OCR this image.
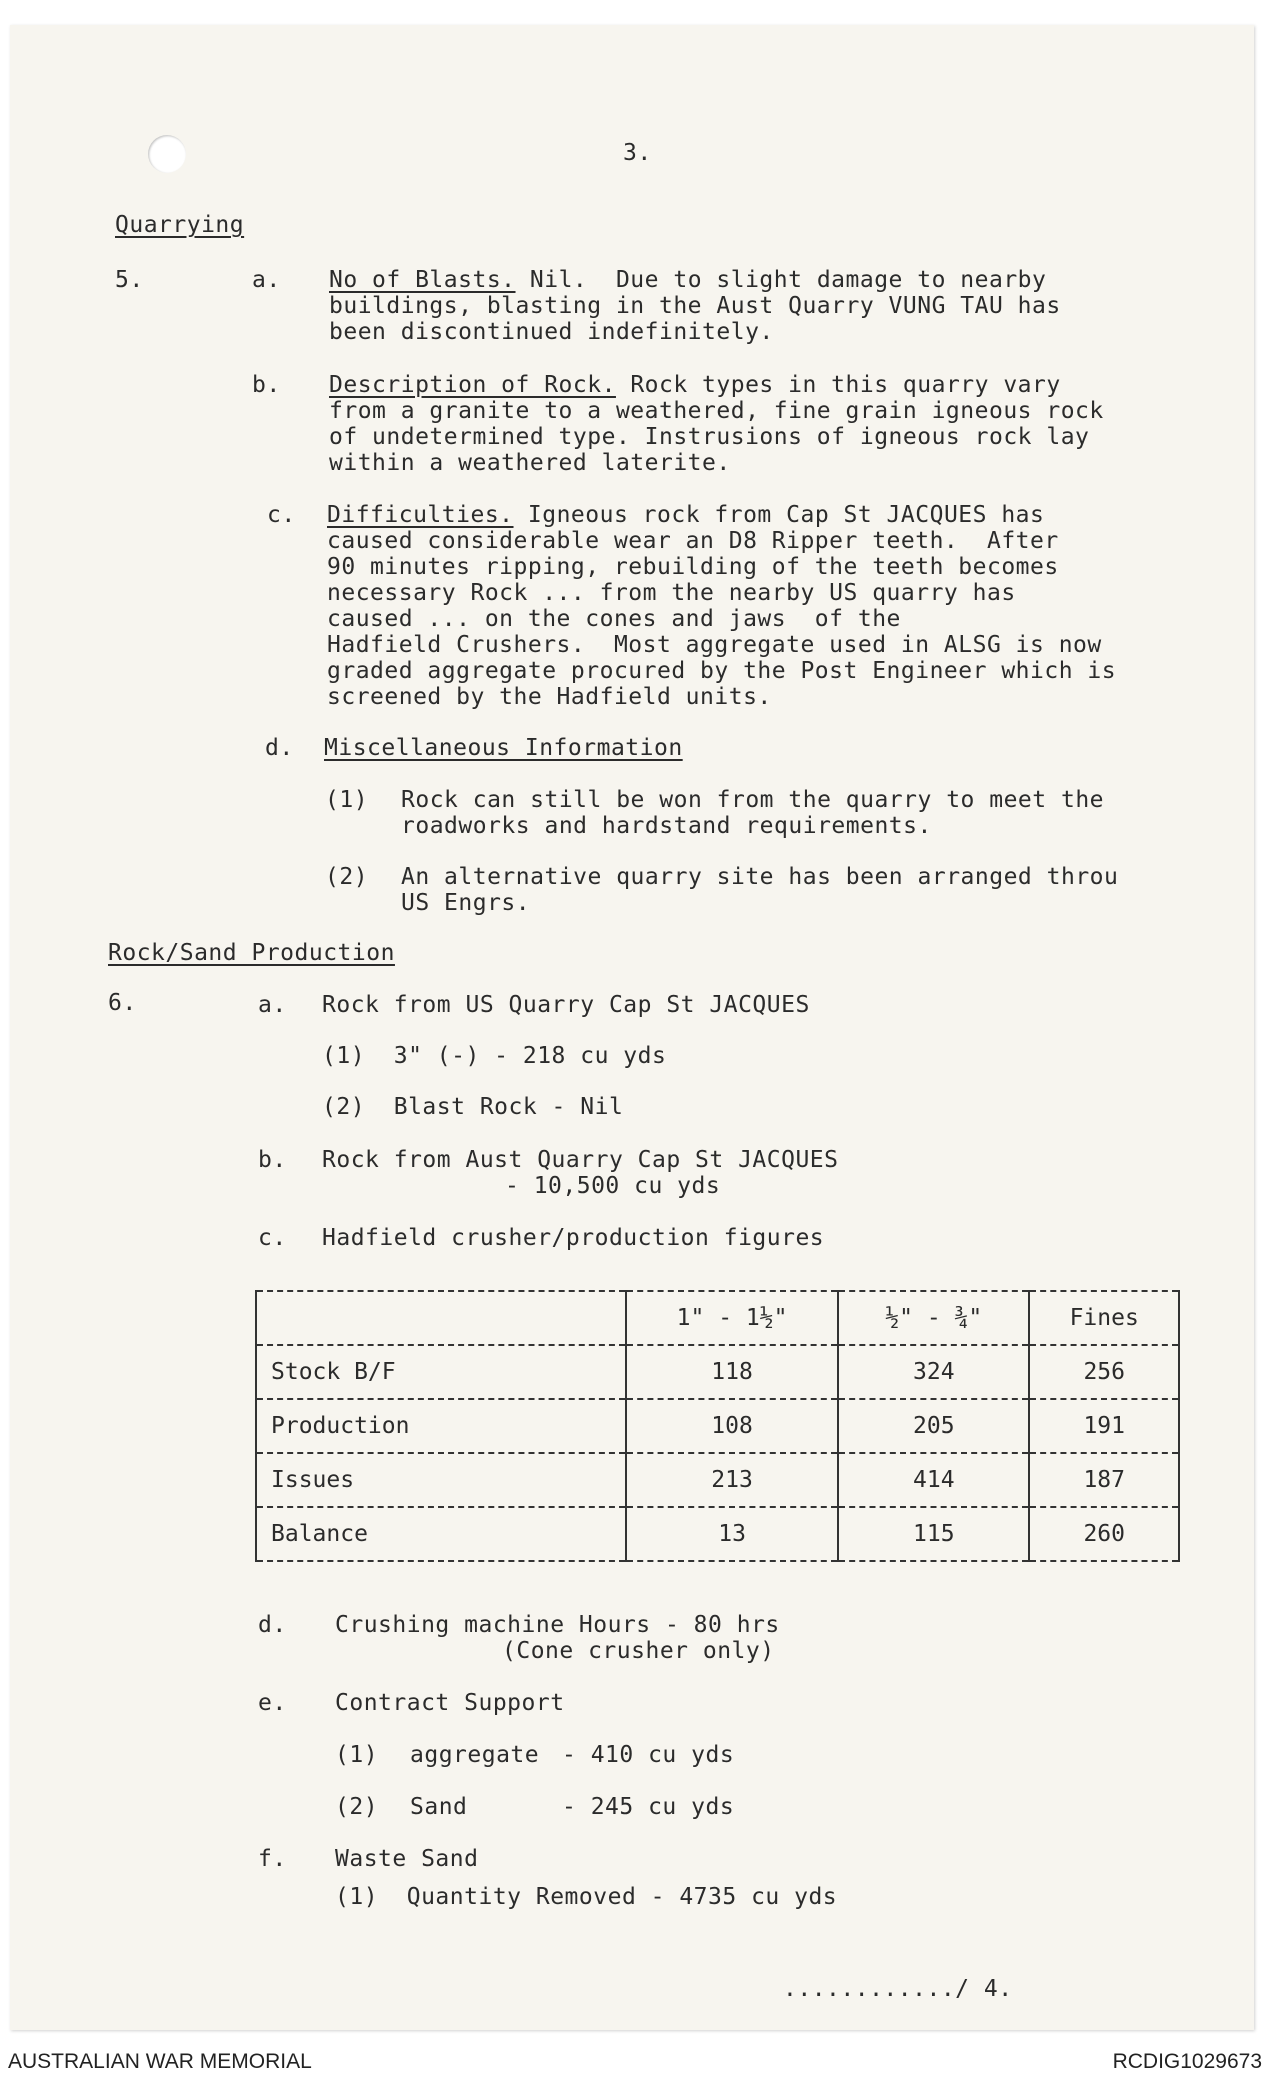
3.
Quarrying
5.	a. No of Blasts. Nil.  Due to slight damage to nearby
buildings, blasting in the Aust Quarry VUNG TAU has
been discontinued indefinitely.
b. Description of Rock. Rock types in this quarry vary
from a granite to a weathered, fine grain igneous rock
of undetermined type. Instrusions of igneous rock lay
within a weathered laterite.
c. Difficulties. Igneous rock from Cap St JACQUES has
caused considerable wear an D8 Ripper teeth.  After
90 minutes ripping, rebuilding of the teeth becomes
necessary Rock ... from the nearby US quarry has
caused ... on the cones and jaws  of the
Hadfield Crushers.  Most aggregate used in ALSG is now
graded aggregate procured by the Post Engineer which is
screened by the Hadfield units.
d. Miscellaneous Information
(1) Rock can still be won from the quarry to meet the
roadworks and hardstand requirements.
(2) An alternative quarry site has been arranged throu
US Engrs.
Rock/Sand Production
6.	a. Rock from US Quarry Cap St JACQUES
(1)  3" (-) - 218 cu yds
(2)  Blast Rock - Nil
b. Rock from Aust Quarry Cap St JACQUES
- 10,500 cu yds
c. Hadfield crusher/production figures
	1" - 1½"	½" - ¾"	Fines
Stock B/F	118	324	256
Production	108	205	191
Issues	213	414	187
Balance	13	115	260
d. Crushing machine Hours - 80 hrs
(Cone crusher only)
e. Contract Support
(1) aggregate - 410 cu yds
(2) Sand	- 245 cu yds
f. Waste Sand
(1)  Quantity Removed - 4735 cu yds
............/ 4.
AUSTRALIAN WAR MEMORIAL	RCDIG1029673
